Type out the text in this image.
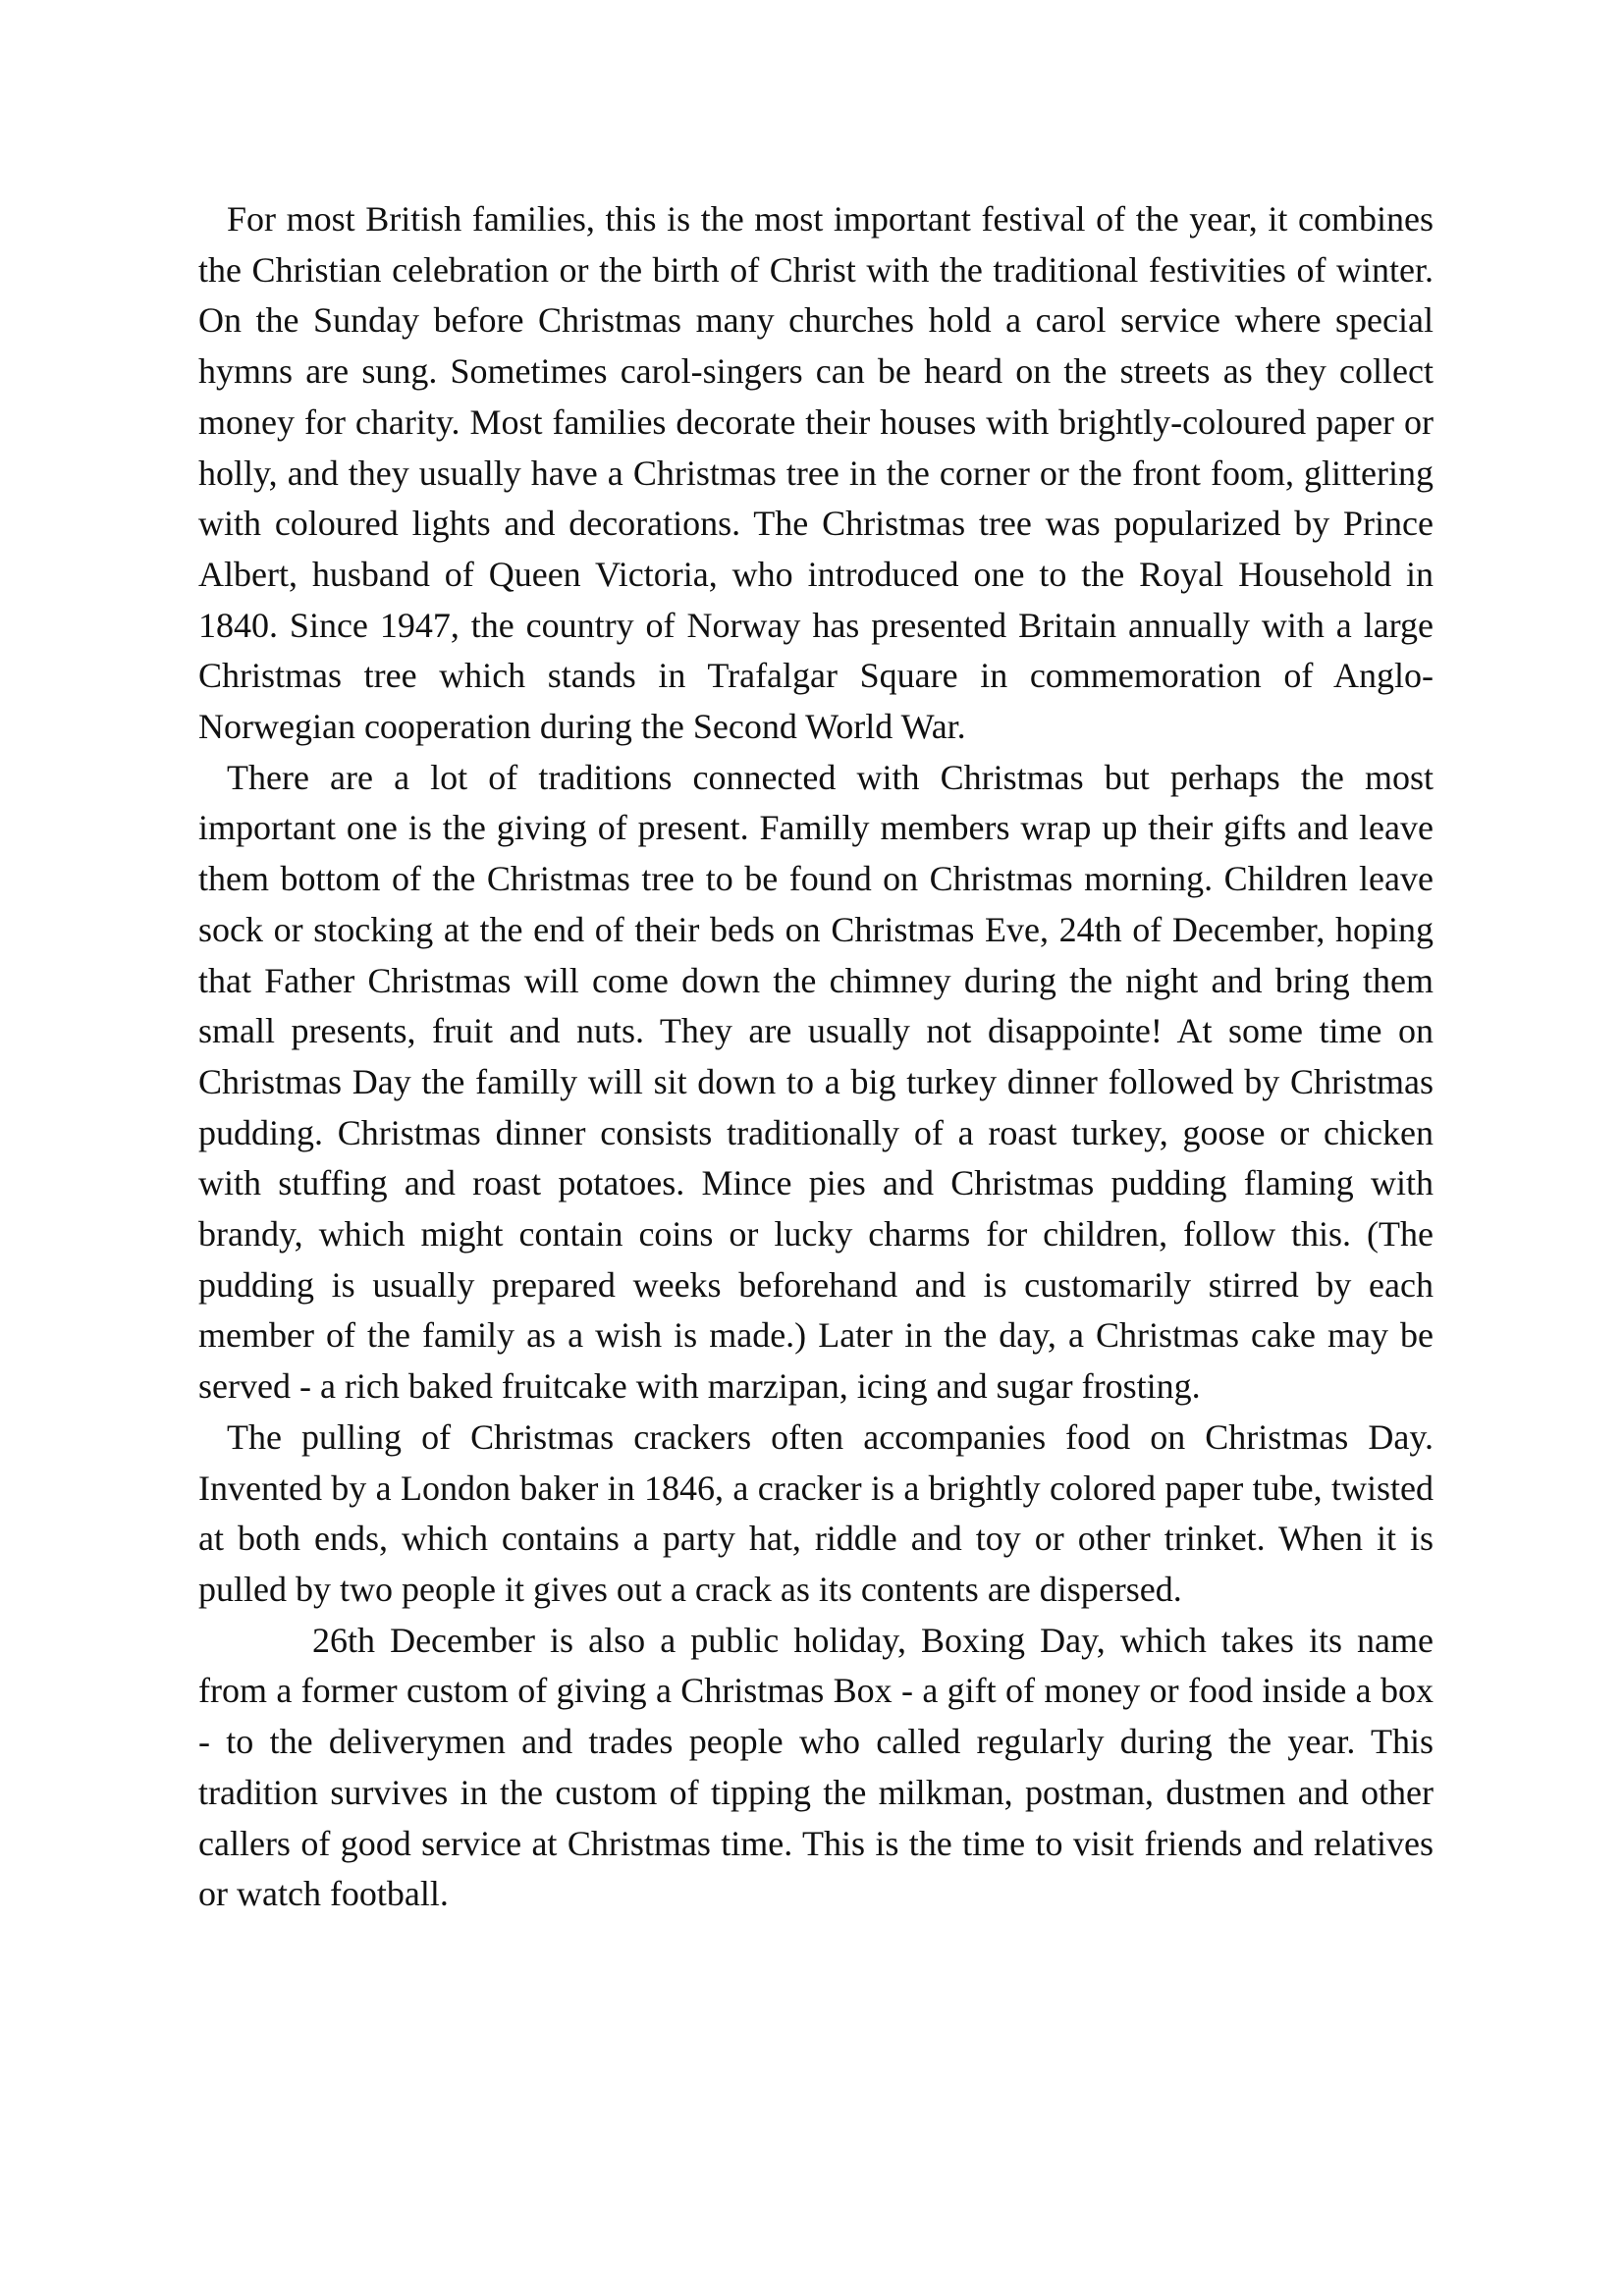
For most British families, this is the most important festival of the year, it combines the Christian celebration or the birth of Christ with the traditional festivities of winter. On the Sunday before Christmas many churches hold a carol service where special hymns are sung. Sometimes carol-singers can be heard on the streets as they collect money for charity. Most families decorate their houses with brightly-coloured paper or holly, and they usually have a Christmas tree in the corner or the front foom, glittering with coloured lights and decorations. The Christmas tree was popularized by Prince Albert, husband of Queen Victoria, who introduced one to the Royal Household in 1840. Since 1947, the country of Norway has presented Britain annually with a large Christmas tree which stands in Trafalgar Square in commemoration of Anglo-Norwegian cooperation during the Second World War.

There are a lot of traditions connected with Christmas but perhaps the most important one is the giving of present. Familly members wrap up their gifts and leave them bottom of the Christmas tree to be found on Christmas morning. Children leave sock or stocking at the end of their beds on Christmas Eve, 24th of December, hoping that Father Christmas will come down the chimney during the night and bring them small presents, fruit and nuts. They are usually not disappointe! At some time on Christmas Day the familly will sit down to a big turkey dinner followed by Christmas pudding. Christmas dinner consists traditionally of a roast turkey, goose or chicken with stuffing and roast potatoes. Mince pies and Christmas pudding flaming with brandy, which might contain coins or lucky charms for children, follow this. (The pudding is usually prepared weeks beforehand and is customarily stirred by each member of the family as a wish is made.) Later in the day, a Christmas cake may be served - a rich baked fruitcake with marzipan, icing and sugar frosting.

The pulling of Christmas crackers often accompanies food on Christmas Day. Invented by a London baker in 1846, a cracker is a brightly colored paper tube, twisted at both ends, which contains a party hat, riddle and toy or other trinket. When it is pulled by two people it gives out a crack as its contents are dispersed.

26th December is also a public holiday, Boxing Day, which takes its name from a former custom of giving a Christmas Box - a gift of money or food inside a box - to the deliverymen and trades people who called regularly during the year. This tradition survives in the custom of tipping the milkman, postman, dustmen and other callers of good service at Christmas time. This is the time to visit friends and relatives or watch football.
